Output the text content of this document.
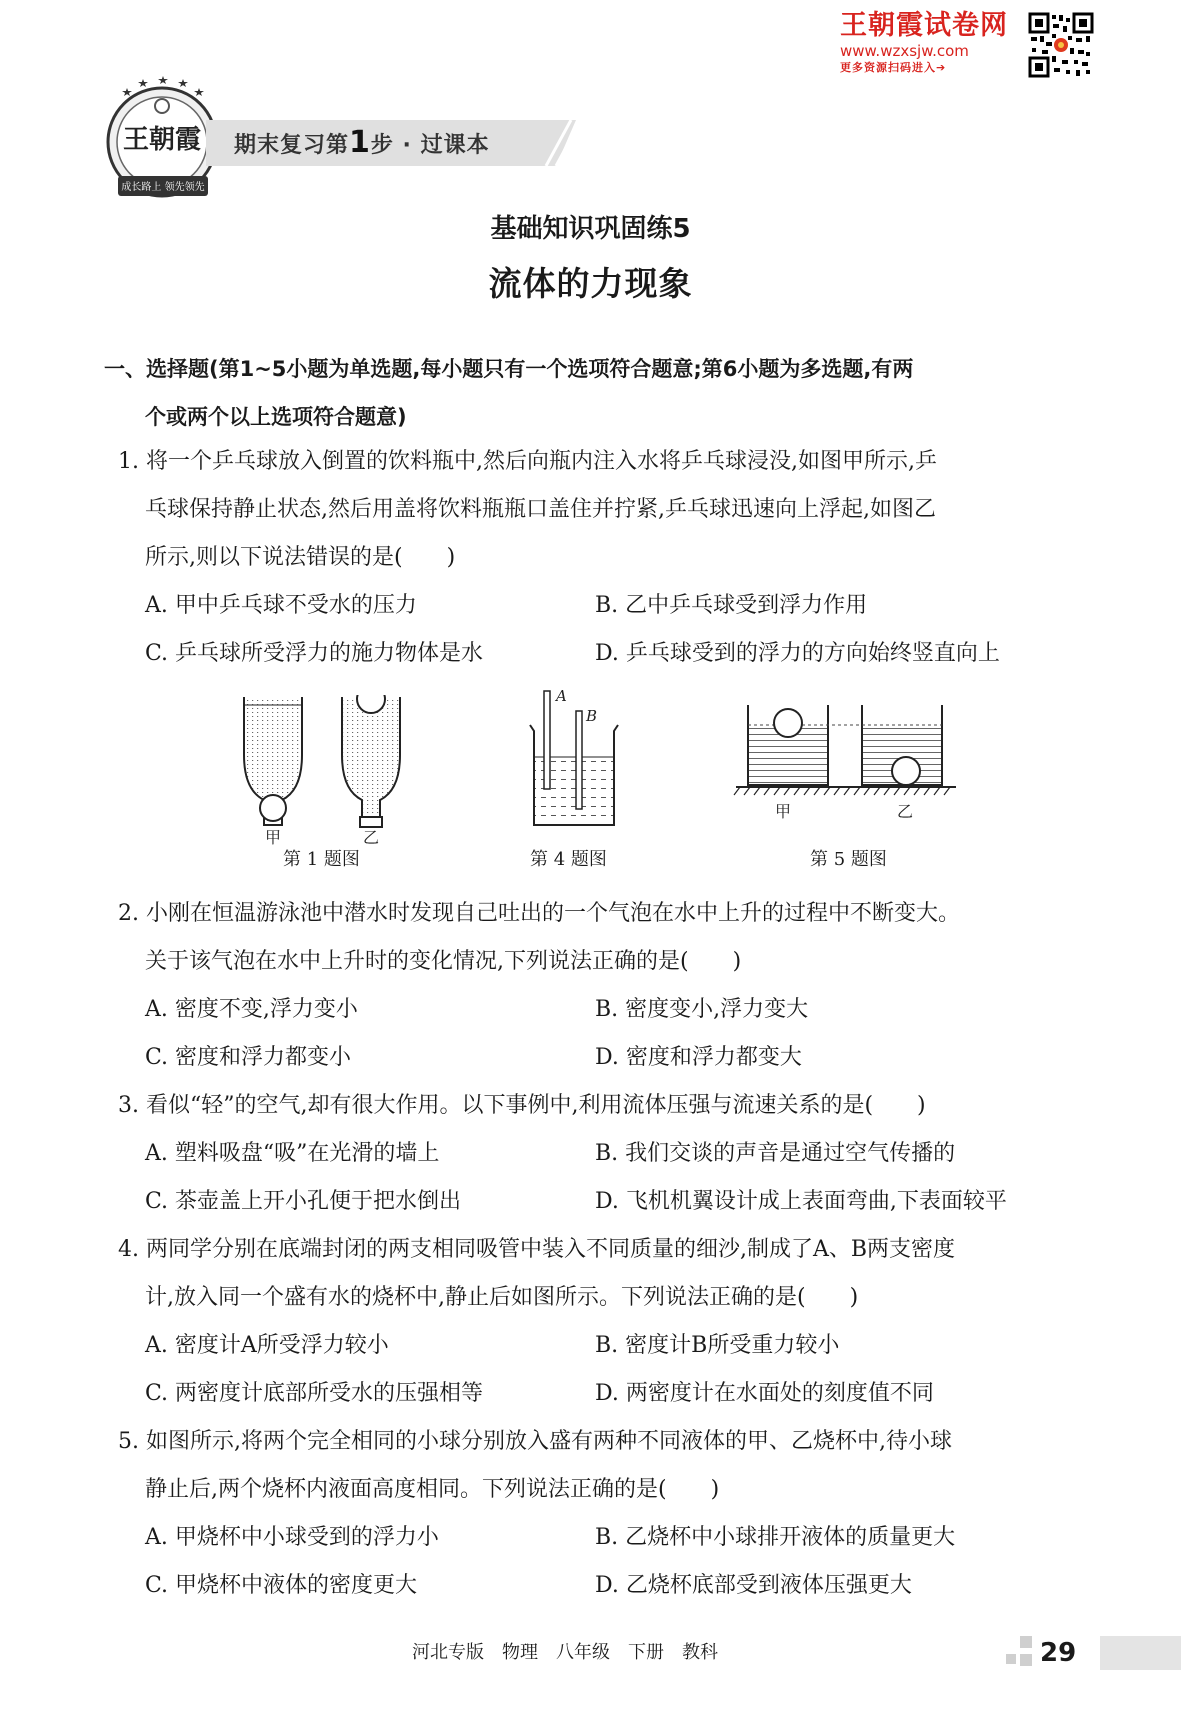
王朝霞试卷网
www.wzxsjw.com
更多资源扫码进入➔
王朝霞
成长路上 领先领先
期末复习第1步 · 过课本
基础知识巩固练5
流体的力现象
一、选择题(第1~5小题为单选题,每小题只有一个选项符合题意;第6小题为多选题,有两
个或两个以上选项符合题意)
1. 将一个乒乓球放入倒置的饮料瓶中,然后向瓶内注入水将乒乓球浸没,如图甲所示,乒
乓球保持静止状态,然后用盖将饮料瓶瓶口盖住并拧紧,乒乓球迅速向上浮起,如图乙
所示,则以下说法错误的是(　　)
A. 甲中乒乓球不受水的压力	B. 乙中乒乓球受到浮力作用
C. 乒乓球所受浮力的施力物体是水	D. 乒乓球受到的浮力的方向始终竖直向上
甲	乙
第 1 题图
A
B
第 4 题图
甲	乙
第 5 题图
2. 小刚在恒温游泳池中潜水时发现自己吐出的一个气泡在水中上升的过程中不断变大。
关于该气泡在水中上升时的变化情况,下列说法正确的是(　　)
A. 密度不变,浮力变小	B. 密度变小,浮力变大
C. 密度和浮力都变小	D. 密度和浮力都变大
3. 看似“轻”的空气,却有很大作用。以下事例中,利用流体压强与流速关系的是(　　)
A. 塑料吸盘“吸”在光滑的墙上	B. 我们交谈的声音是通过空气传播的
C. 茶壶盖上开小孔便于把水倒出	D. 飞机机翼设计成上表面弯曲,下表面较平
4. 两同学分别在底端封闭的两支相同吸管中装入不同质量的细沙,制成了A、B两支密度
计,放入同一个盛有水的烧杯中,静止后如图所示。下列说法正确的是(　　)
A. 密度计A所受浮力较小	B. 密度计B所受重力较小
C. 两密度计底部所受水的压强相等	D. 两密度计在水面处的刻度值不同
5. 如图所示,将两个完全相同的小球分别放入盛有两种不同液体的甲、乙烧杯中,待小球
静止后,两个烧杯内液面高度相同。下列说法正确的是(　　)
A. 甲烧杯中小球受到的浮力小	B. 乙烧杯中小球排开液体的质量更大
C. 甲烧杯中液体的密度更大	D. 乙烧杯底部受到液体压强更大
河北专版　物理　八年级　下册　教科	29
